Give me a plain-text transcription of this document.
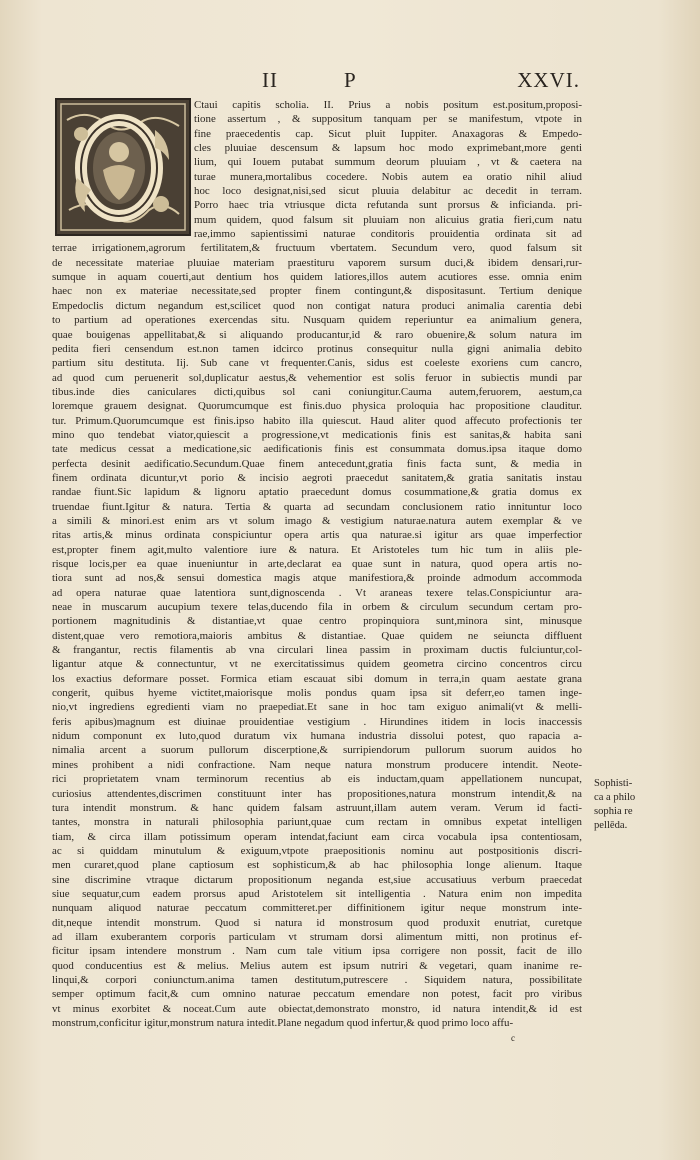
II	P	XXVI.
Ctaui capitis scholia. II. Prius a nobis positum est.positum,proposi-
tione assertum , & suppositum tanquam per se manifestum, vtpote in
fine praecedentis cap. Sicut pluit Iuppiter. Anaxagoras & Empedo-
cles pluuiae descensum & lapsum hoc modo exprimebant,more genti
lium, qui Iouem putabat summum deorum pluuiam , vt & caetera na
turae munera,mortalibus cocedere. Nobis autem ea oratio nihil aliud
hoc loco designat,nisi,sed sicut pluuia delabitur ac decedit in terram.
Porro haec tria vtriusque dicta refutanda sunt prorsus & inficianda. pri-
mum quidem, quod falsum sit pluuiam non alicuius gratia fieri,cum natu
rae,immo sapientissimi naturae conditoris prouidentia ordinata sit ad
terrae irrigationem,agrorum fertilitatem,& fructuum vbertatem. Secundum vero, quod falsum sit
de necessitate materiae pluuiae materiam praestituru vaporem sursum duci,& ibidem densari,rur-
sumque in aquam couerti,aut dentium hos quidem latiores,illos autem acutiores esse. omnia enim
haec non ex materiae necessitate,sed propter finem contingunt,& dispositasunt. Tertium denique
Empedoclis dictum negandum est,scilicet quod non contigat natura produci animalia carentia debi
to partium ad operationes exercendas situ. Nusquam quidem reperiuntur ea animalium genera,
quae bouigenas appellitabat,& si aliquando producantur,id & raro obuenire,& solum natura im
pedita fieri censendum est.non tamen idcirco protinus consequitur nulla gigni animalia debito
partium situ destituta. Iij. Sub cane vt frequenter.Canis, sidus est coeleste exoriens cum cancro,
ad quod cum peruenerit sol,duplicatur aestus,& vehementior est solis feruor in subiectis mundi par
tibus.inde dies caniculares dicti,quibus sol cani coniungitur.Cauma autem,feruorem, aestum,ca
loremque grauem designat. Quorumcumque est finis.duo physica proloquia hac propositione clauditur.
tur. Primum.Quorumcumque est finis.ipso habito illa quiescut. Haud aliter quod affecuto profectionis ter
mino quo tendebat viator,quiescit a progressione,vt medicationis finis est sanitas,& habita sani
tate medicus cessat a medicatione,sic aedificationis finis est consummata domus.ipsa itaque domo
perfecta desinit aedificatio.Secundum.Quae finem antecedunt,gratia finis facta sunt, & media in
finem ordinata dicuntur,vt porio & incisio aegroti praecedut sanitatem,& gratia sanitatis instau
randae fiunt.Sic lapidum & lignoru aptatio praecedunt domus cosummatione,& gratia domus ex
truendae fiunt.Igitur & natura. Tertia & quarta ad secundam conclusionem ratio innituntur loco
a simili & minori.est enim ars vt solum imago & vestigium naturae.natura autem exemplar & ve
ritas artis,& minus ordinata conspiciuntur opera artis qua naturae.si igitur ars quae imperfectior
est,propter finem agit,multo valentiore iure & natura. Et Aristoteles tum hic tum in aliis ple-
risque locis,per ea quae inueniuntur in arte,declarat ea quae sunt in natura, quod opera artis no-
tiora sunt ad nos,& sensui domestica magis atque manifestiora,& proinde admodum accommoda
ad opera naturae quae latentiora sunt,dignoscenda . Vt araneas texere telas.Conspiciuntur ara-
neae in muscarum aucupium texere telas,ducendo fila in orbem & circulum secundum certam pro-
portionem magnitudinis & distantiae,vt quae centro propinquiora sunt,minora sint, minusque
distent,quae vero remotiora,maioris ambitus & distantiae. Quae quidem ne seiuncta diffluent
& frangantur, rectis filamentis ab vna circulari linea passim in proximam ductis fulciuntur,col-
ligantur atque & connectuntur, vt ne exercitatissimus quidem geometra circino concentros circu
los exactius deformare posset. Formica etiam escauat sibi domum in terra,in quam aestate grana
congerit, quibus hyeme victitet,maiorisque molis pondus quam ipsa sit deferr,eo tamen inge-
nio,vt ingrediens egredienti viam no praepediat.Et sane in hoc tam exiguo animali(vt & melli-
feris apibus)magnum est diuinae prouidentiae vestigium . Hirundines itidem in locis inaccessis
nidum componunt ex luto,quod duratum vix humana industria dissolui potest, quo rapacia a-
nimalia arcent a suorum pullorum discerptione,& surripiendorum pullorum suorum auidos ho
mines prohibent a nidi confractione. Nam neque natura monstrum producere intendit. Neote-
rici proprietatem vnam terminorum recentius ab eis inductam,quam appellationem nuncupat,
curiosius attendentes,discrimen constituunt inter has propositiones,natura monstrum intendit,& na
tura intendit monstrum. & hanc quidem falsam astruunt,illam autem veram. Verum id facti-
tantes, monstra in naturali philosophia pariunt,quae cum rectam in omnibus expetat intelligen
tiam, & circa illam potissimum operam intendat,faciunt eam circa vocabula ipsa contentiosam,
ac si quiddam minutulum & exiguum,vtpote praepositionis nominu aut postpositionis discri-
men curaret,quod plane captiosum est sophisticum,& ab hac philosophia longe alienum. Itaque
sine discrimine vtraque dictarum propositionum neganda est,siue accusatiuus verbum praecedat
siue sequatur,cum eadem prorsus apud Aristotelem sit intelligentia . Natura enim non impedita
nunquam aliquod naturae peccatum committeret.per diffinitionem igitur neque monstrum inte-
dit,neque intendit monstrum. Quod si natura id monstrosum quod produxit enutriat, curetque
ad illam exuberantem corporis particulam vt strumam dorsi alimentum mitti, non protinus ef-
ficitur ipsam intendere monstrum . Nam cum tale vitium ipsa corrigere non possit, facit de illo
quod conducentius est & melius. Melius autem est ipsum nutriri & vegetari, quam inanime re-
linqui,& corpori coniunctum.anima tamen destitutum,putrescere . Siquidem natura, possibilitate
semper optimum facit,& cum omnino naturae peccatum emendare non potest, facit pro viribus
vt minus exorbitet & noceat.Cum aute obiectat,demonstrato monstro, id natura intendit,& id est
monstrum,conficitur igitur,monstrum natura intedit.Plane negadum quod infertur,& quod primo loco affu-
Sophisti-
ca a philo
sophia re
pellēda.
c
